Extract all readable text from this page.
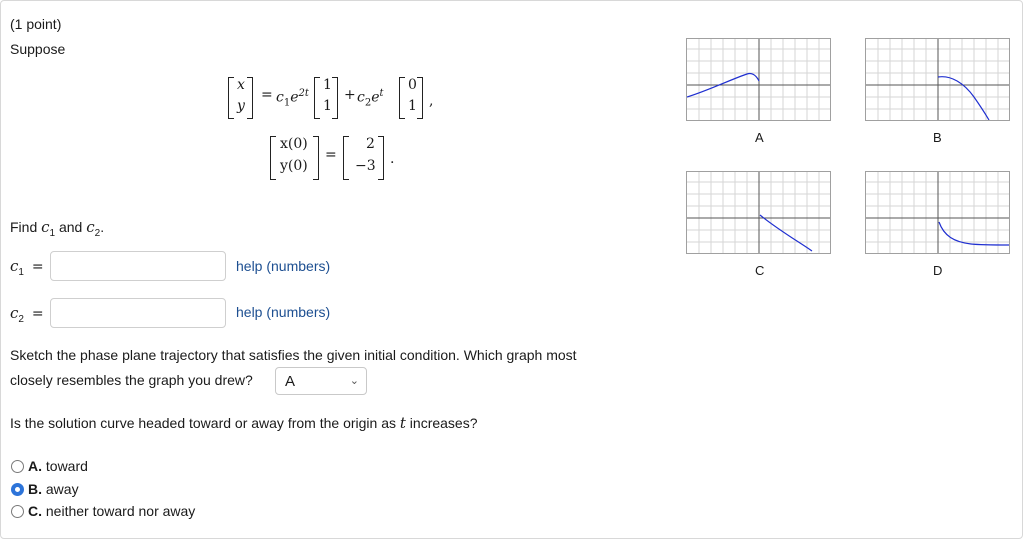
(1 point)
Suppose
x
y
= $c_1e^{2t}$
1
1
+ $c_2e^t$
0
1 ,
x(0)
y(0)
=
2
−3 .
Find $c_1$ and $c_2$.
$c_1$ =	help (numbers)
$c_2$ =	help (numbers)
Sketch the phase plane trajectory that satisfies the given initial condition. Which graph most
closely resembles the graph you drew? A	⌄
Is the solution curve headed toward or away from the origin as t increases?
A. toward
B. away
C. neither toward nor away
A	B
C	D
